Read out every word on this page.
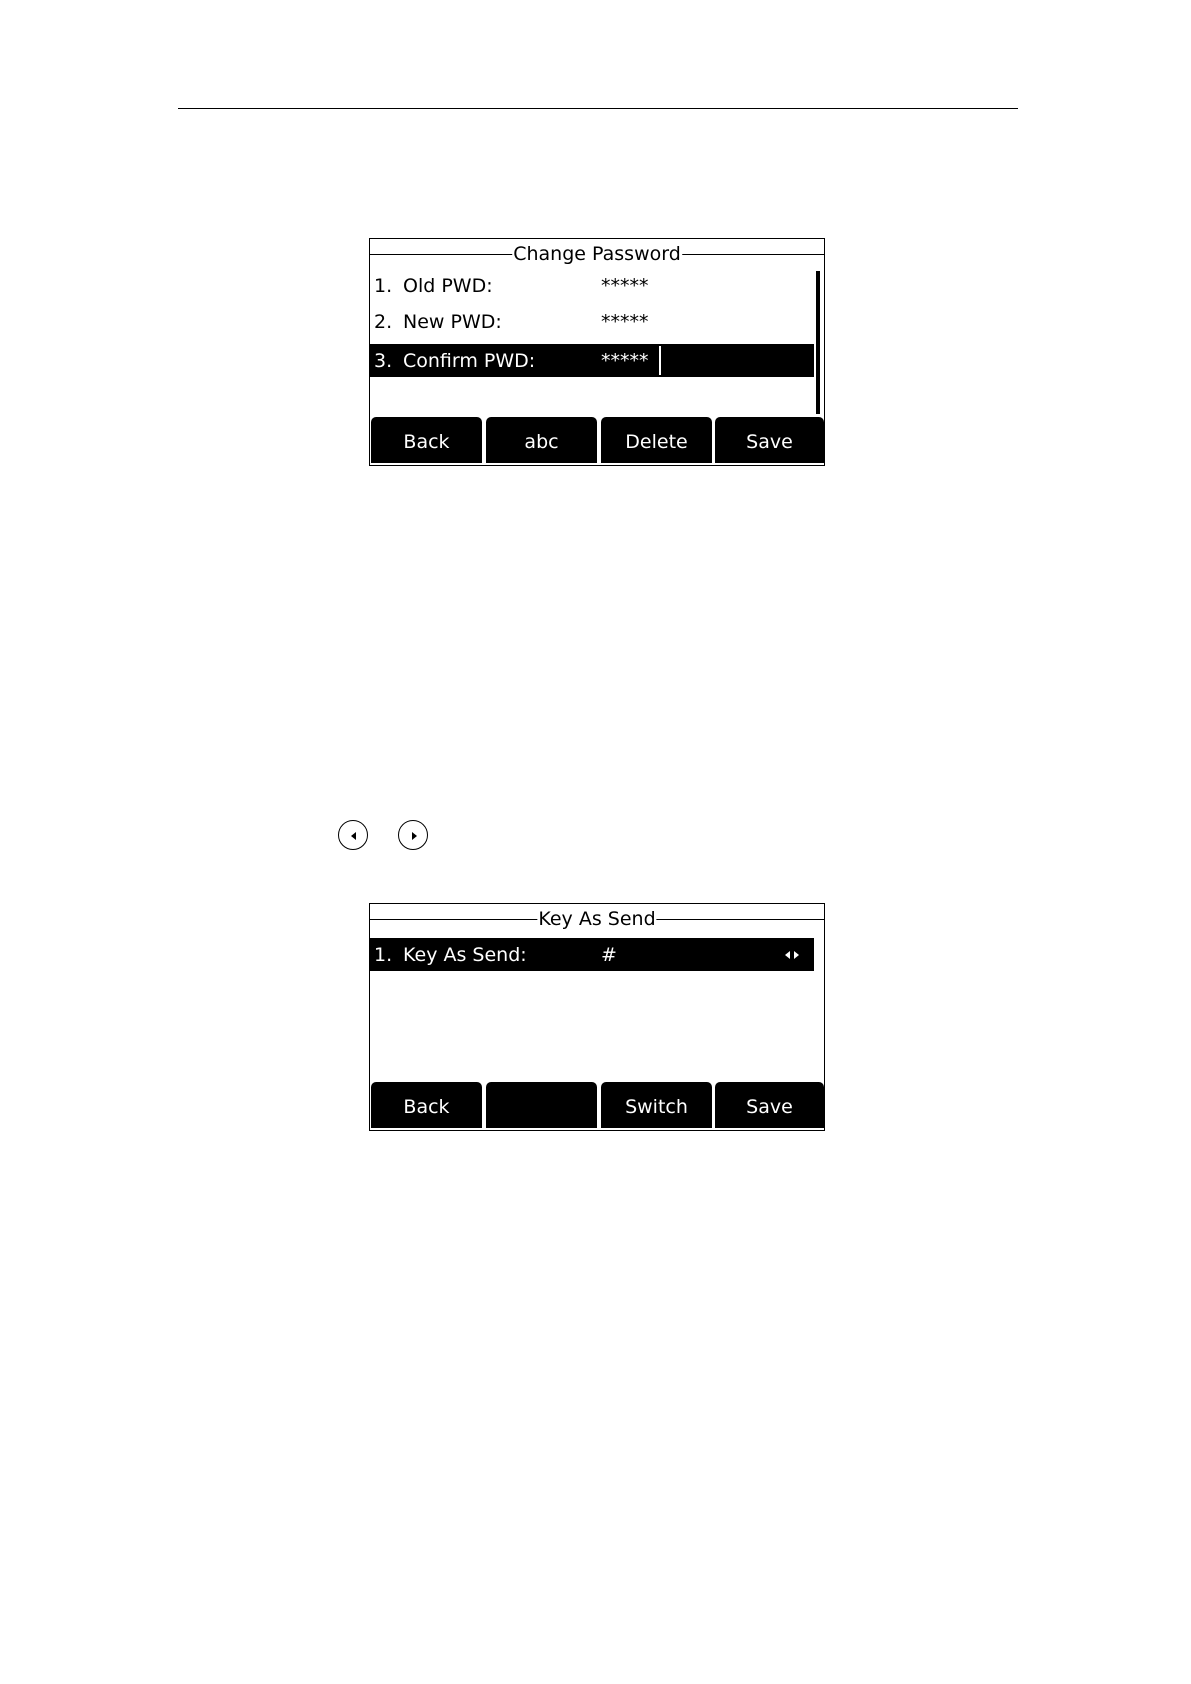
Change Password
1. Old PWD:	*****
2. New PWD:	*****
3. Confirm PWD:	*****
Back	abc	Delete	Save
Key As Send
1. Key As Send:	#
Back	Switch	Save
